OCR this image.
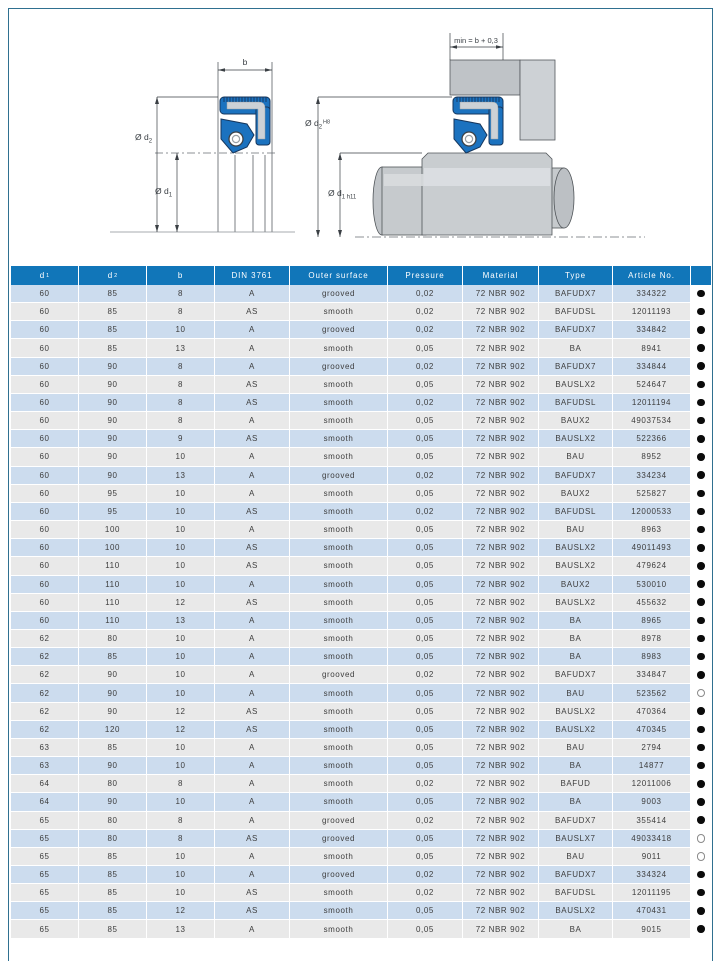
b
Ø $d_2$
Ø $d_1$
min = b + 0,3
Ø $d_2^{H8}$
Ø $d_{1 h11}$
d 1	d 2	b	DIN 3761	Outer surface	Pressure	Material	Type	Article No.
60	85	8	A	grooved	0,02	72 NBR 902	BAFUDX7	334322
60	85	8	AS	smooth	0,02	72 NBR 902	BAFUDSL	12011193
60	85	10	A	grooved	0,02	72 NBR 902	BAFUDX7	334842
60	85	13	A	smooth	0,05	72 NBR 902	BA	8941
60	90	8	A	grooved	0,02	72 NBR 902	BAFUDX7	334844
60	90	8	AS	smooth	0,05	72 NBR 902	BAUSLX2	524647
60	90	8	AS	smooth	0,02	72 NBR 902	BAFUDSL	12011194
60	90	8	A	smooth	0,05	72 NBR 902	BAUX2	49037534
60	90	9	AS	smooth	0,05	72 NBR 902	BAUSLX2	522366
60	90	10	A	smooth	0,05	72 NBR 902	BAU	8952
60	90	13	A	grooved	0,02	72 NBR 902	BAFUDX7	334234
60	95	10	A	smooth	0,05	72 NBR 902	BAUX2	525827
60	95	10	AS	smooth	0,02	72 NBR 902	BAFUDSL	12000533
60	100	10	A	smooth	0,05	72 NBR 902	BAU	8963
60	100	10	AS	smooth	0,05	72 NBR 902	BAUSLX2	49011493
60	110	10	AS	smooth	0,05	72 NBR 902	BAUSLX2	479624
60	110	10	A	smooth	0,05	72 NBR 902	BAUX2	530010
60	110	12	AS	smooth	0,05	72 NBR 902	BAUSLX2	455632
60	110	13	A	smooth	0,05	72 NBR 902	BA	8965
62	80	10	A	smooth	0,05	72 NBR 902	BA	8978
62	85	10	A	smooth	0,05	72 NBR 902	BA	8983
62	90	10	A	grooved	0,02	72 NBR 902	BAFUDX7	334847
62	90	10	A	smooth	0,05	72 NBR 902	BAU	523562
62	90	12	AS	smooth	0,05	72 NBR 902	BAUSLX2	470364
62	120	12	AS	smooth	0,05	72 NBR 902	BAUSLX2	470345
63	85	10	A	smooth	0,05	72 NBR 902	BAU	2794
63	90	10	A	smooth	0,05	72 NBR 902	BA	14877
64	80	8	A	smooth	0,02	72 NBR 902	BAFUD	12011006
64	90	10	A	smooth	0,05	72 NBR 902	BA	9003
65	80	8	A	grooved	0,02	72 NBR 902	BAFUDX7	355414
65	80	8	AS	grooved	0,05	72 NBR 902	BAUSLX7	49033418
65	85	10	A	smooth	0,05	72 NBR 902	BAU	9011
65	85	10	A	grooved	0,02	72 NBR 902	BAFUDX7	334324
65	85	10	AS	smooth	0,02	72 NBR 902	BAFUDSL	12011195
65	85	12	AS	smooth	0,05	72 NBR 902	BAUSLX2	470431
65	85	13	A	smooth	0,05	72 NBR 902	BA	9015
